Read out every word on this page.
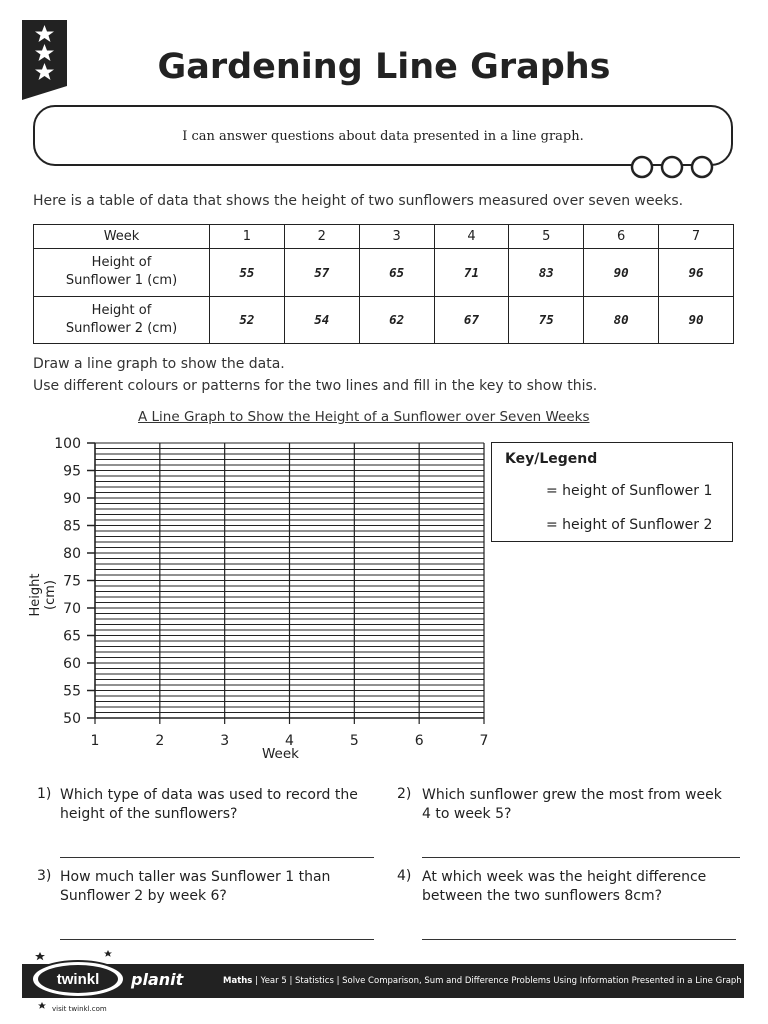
Gardening Line Graphs
I can answer questions about data presented in a line graph.
Here is a table of data that shows the height of two sunflowers measured over seven weeks.
Week	1	2	3	4	5	6	7

Height of
Sunflower 1 (cm)	55	57	65	71	83	90	96

Height of
Sunflower 2 (cm)	52	54	62	67	75	80	90
Draw a line graph to show the data.
Use different colours or patterns for the two lines and fill in the key to show this.
A Line Graph to Show the Height of a Sunflower over Seven Weeks
Height (cm)
Week
50
55
60
65
70
75
80
85
90
95
100
1	2	3	4	5	6	7
Key/Legend
= height of Sunflower 1
= height of Sunflower 2
1) Which type of data was used to record the
height of the sunflowers?
2) Which sunflower grew the most from week
4 to week 5?
3) How much taller was Sunflower 1 than
Sunflower 2 by week 6?
4) At which week was the height difference
between the two sunflowers 8cm?
twinkl planit	Maths | Year 5 | Statistics | Solve Comparison, Sum and Difference Problems Using Information Presented in a Line Graph
visit twinkl.com
